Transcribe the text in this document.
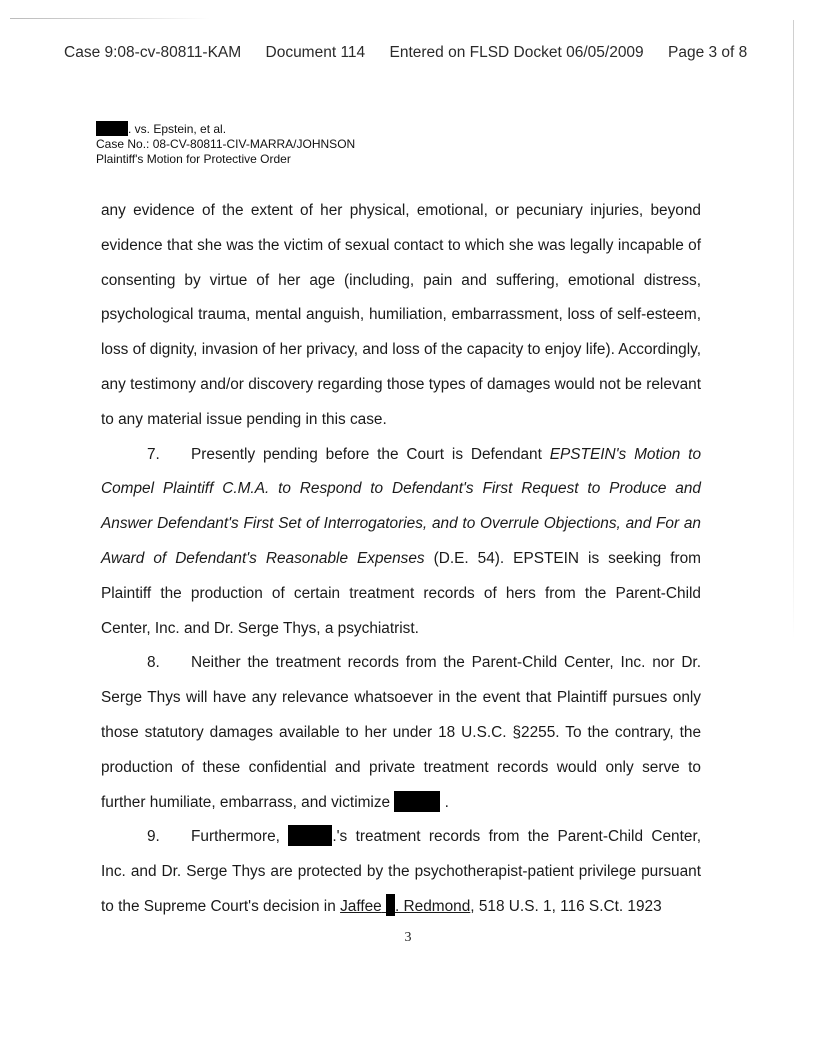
Case 9:08-cv-80811-KAM Document 114 Entered on FLSD Docket 06/05/2009 Page 3 of 8
. vs. Epstein, et al.
Case No.: 08-CV-80811-CIV-MARRA/JOHNSON
Plaintiff's Motion for Protective Order

any evidence of the extent of her physical, emotional, or pecuniary injuries, beyond evidence that she was the victim of sexual contact to which she was legally incapable of consenting by virtue of her age (including, pain and suffering, emotional distress, psychological trauma, mental anguish, humiliation, embarrassment, loss of self-esteem, loss of dignity, invasion of her privacy, and loss of the capacity to enjoy life). Accordingly, any testimony and/or discovery regarding those types of damages would not be relevant to any material issue pending in this case.

7. Presently pending before the Court is Defendant EPSTEIN's Motion to Compel Plaintiff C.M.A. to Respond to Defendant's First Request to Produce and Answer Defendant's First Set of Interrogatories, and to Overrule Objections, and For an Award of Defendant's Reasonable Expenses (D.E. 54). EPSTEIN is seeking from Plaintiff the production of certain treatment records of hers from the Parent-Child Center, Inc. and Dr. Serge Thys, a psychiatrist.

8. Neither the treatment records from the Parent-Child Center, Inc. nor Dr. Serge Thys will have any relevance whatsoever in the event that Plaintiff pursues only those statutory damages available to her under 18 U.S.C. §2255. To the contrary, the production of these confidential and private treatment records would only serve to further humiliate, embarrass, and victimize	.

9. Furthermore,	.'s treatment records from the Parent-Child Center, Inc. and Dr. Serge Thys are protected by the psychotherapist-patient privilege pursuant to the Supreme Court's decision in Jaffee . Redmond, 518 U.S. 1, 116 S.Ct. 1923

3
